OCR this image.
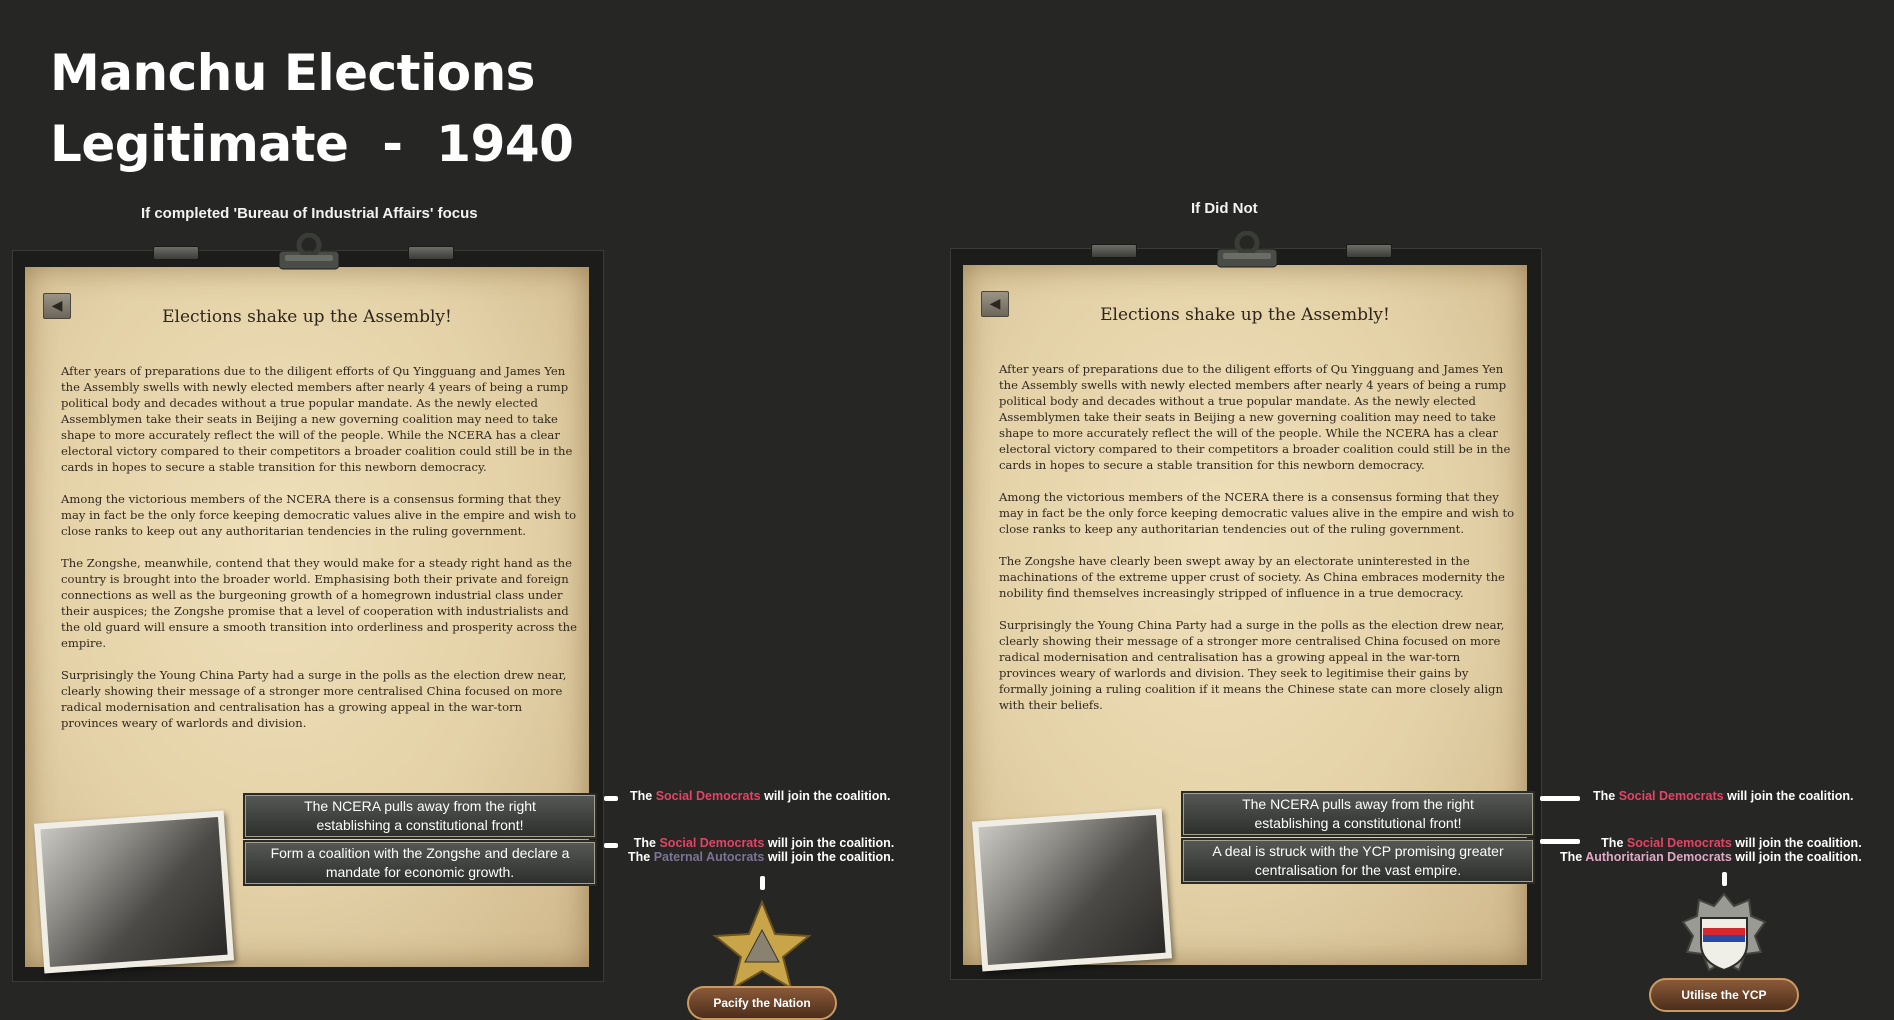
Manchu Elections
Legitimate  -  1940
If completed 'Bureau of Industrial Affairs' focus	If Did Not
◀
Elections shake up the Assembly!

After years of preparations due to the diligent efforts of Qu Yingguang and James Yen the Assembly swells with newly elected members after nearly 4 years of being a rump political body and decades without a true popular mandate. As the newly elected Assemblymen take their seats in Beijing a new governing coalition may need to take shape to more accurately reflect the will of the people. While the NCERA has a clear electoral victory compared to their competitors a broader coalition could still be in the cards in hopes to secure a stable transition for this newborn democracy.

Among the victorious members of the NCERA there is a consensus forming that they may in fact be the only force keeping democratic values alive in the empire and wish to close ranks to keep out any authoritarian tendencies in the ruling government.

The Zongshe, meanwhile, contend that they would make for a steady right hand as the country is brought into the broader world. Emphasising both their private and foreign connections as well as the burgeoning growth of a homegrown industrial class under their auspices; the Zongshe promise that a level of cooperation with industrialists and the old guard will ensure a smooth transition into orderliness and prosperity across the empire.

Surprisingly the Young China Party had a surge in the polls as the election drew near, clearly showing their message of a stronger more centralised China focused on more radical modernisation and centralisation has a growing appeal in the war-torn provinces weary of warlords and division.

The NCERA pulls away from the right
establishing a constitutional front!
Form a coalition with the Zongshe and declare a
mandate for economic growth.
The Social Democrats will join the coalition.
The Social Democrats will join the coalition.
The Paternal Autocrats will join the coalition.
Pacify the Nation
◀
Elections shake up the Assembly!

After years of preparations due to the diligent efforts of Qu Yingguang and James Yen the Assembly swells with newly elected members after nearly 4 years of being a rump political body and decades without a true popular mandate. As the newly elected Assemblymen take their seats in Beijing a new governing coalition may need to take shape to more accurately reflect the will of the people. While the NCERA has a clear electoral victory compared to their competitors a broader coalition could still be in the cards in hopes to secure a stable transition for this newborn democracy.

Among the victorious members of the NCERA there is a consensus forming that they may in fact be the only force keeping democratic values alive in the empire and wish to close ranks to keep any authoritarian tendencies out of the ruling government.

The Zongshe have clearly been swept away by an electorate uninterested in the machinations of the extreme upper crust of society. As China embraces modernity the nobility find themselves increasingly stripped of influence in a true democracy.

Surprisingly the Young China Party had a surge in the polls as the election drew near, clearly showing their message of a stronger more centralised China focused on more radical modernisation and centralisation has a growing appeal in the war-torn provinces weary of warlords and division. They seek to legitimise their gains by formally joining a ruling coalition if it means the Chinese state can more closely align with their beliefs.

The NCERA pulls away from the right
establishing a constitutional front!
A deal is struck with the YCP promising greater
centralisation for the vast empire.
The Social Democrats will join the coalition.
The Social Democrats will join the coalition.
The Authoritarian Democrats will join the coalition.
Utilise the YCP
